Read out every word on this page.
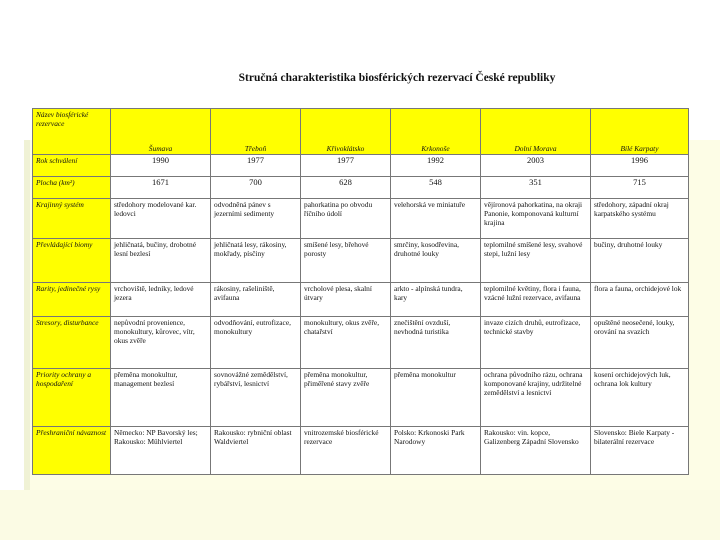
Stručná charakteristika biosférických rezervací České republiky
Název biosférické rezervace	Šumava	Třeboň	Křivoklátsko	Krkonoše	Dolní Morava	Bílé Karpaty
Rok schválení	1990	1977	1977	1992	2003	1996
Plocha (km²)	1671	700	628	548	351	715
Krajinný systém	středohory modelované kar. ledovci	odvodněná pánev s jezerními sedimenty	pahorkatina po obvodu říčního údolí	velehorská ve miniatuře	vějíronová pahorkatina, na okraji Panonie, komponovaná kulturní krajina	středohory, západní okraj karpatského systému
Převládající biomy	jehličnatá, bučiny, drobotné lesní bezlesí	jehličnatá lesy, rákosiny, mokřady, písčiny	smíšené lesy, břehové porosty	smrčiny, kosodřevina, druhotné louky	teplomilné smíšené lesy, svahové stepi, lužní lesy	bučiny, druhotné louky
Rarity, jedinečné rysy	vrchoviště, ledníky, ledové jezera	rákosiny, rašeliniště, avifauna	vrcholové plesa, skalní útvary	arkto - alpínská tundra, kary	teplomilné květiny, flora i fauna, vzácné lužní rezervace, avifauna	flora a fauna, orchidejové lok
Stresory, disturbance	nepůvodní provenience, monokultury, kůrovec, vítr, okus zvěře	odvodňování, eutrofizace, monokultury	monokultury, okus zvěře, chatařství	znečištění ovzduší, nevhodná turistika	invaze cizích druhů, eutrofizace, technické stavby	opuštěné neosečené, louky, orování na svazích
Priority ochrany a hospodaření	přeměna monokultur, management bezlesí	sovnovážné zemědělství, rybářství, lesnictví	přeměna monokultur, přiměřené stavy zvěře	přeměna monokultur	ochrana původního rázu, ochrana komponované krajiny, udržitelné zemědělství a lesnictví	kosení orchidejových luk, ochrana lok kultury
Přeshraniční návaznost	Německo: NP Bavorský les; Rakousko: Mühlviertel	Rakousko: rybniční oblast Waldviertel	vnitrozemské biosférické rezervace	Polsko: Krkonoski Park Narodowy	Rakousko: vin. kopce, Galizenberg Západní Slovensko	Slovensko: Biele Karpaty - bilaterální rezervace
